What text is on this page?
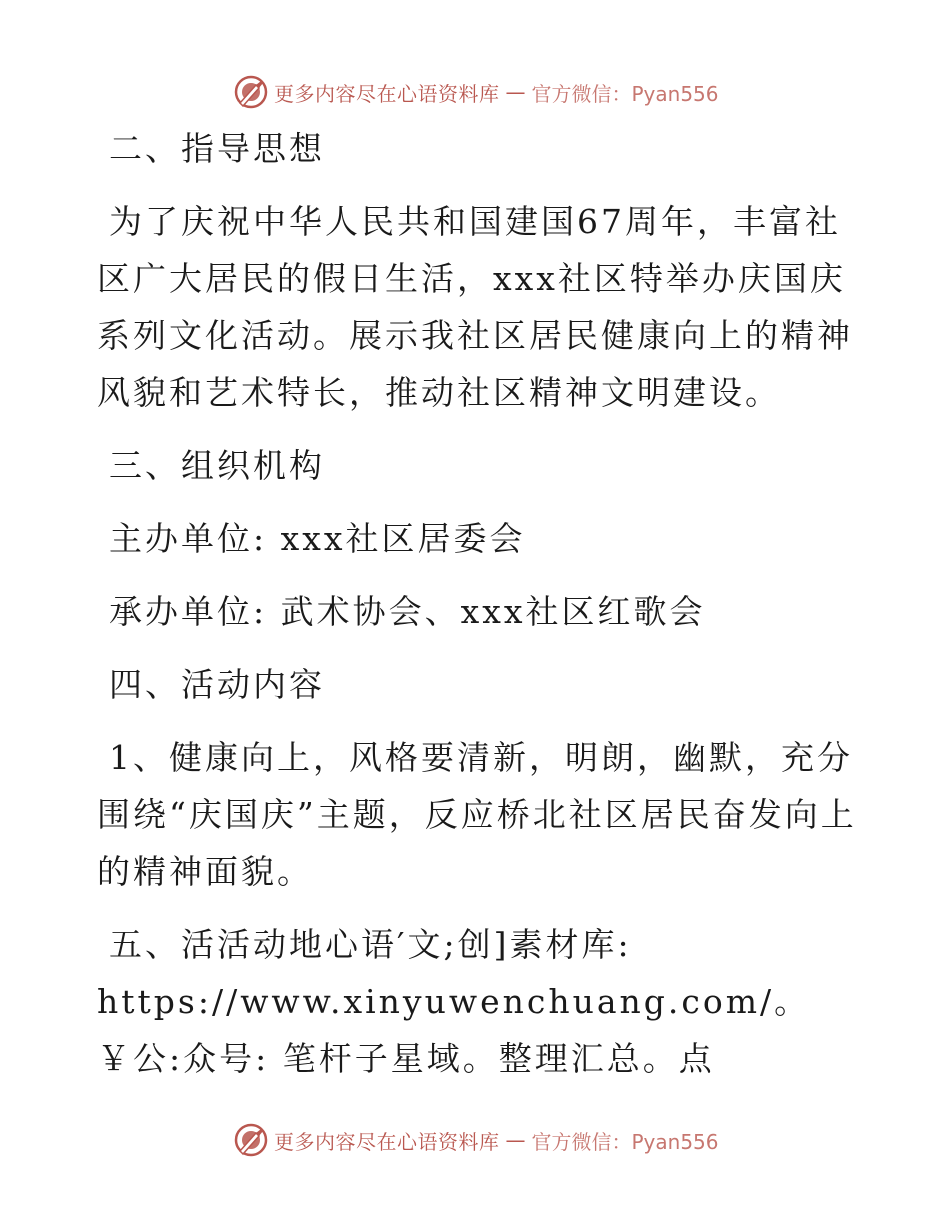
更多内容尽在心语资料库 — 官方微信：Pyan556

二、指导思想

为了庆祝中华人民共和国建国67周年，丰富社区广大居民的假日生活，xxx社区特举办庆国庆系列文化活动。展示我社区居民健康向上的精神风貌和艺术特长，推动社区精神文明建设。

三、组织机构

主办单位: xxx社区居委会

承办单位: 武术协会、xxx社区红歌会

四、活动内容

1、健康向上，风格要清新，明朗，幽默，充分围绕“庆国庆”主题，反应桥北社区居民奋发向上的精神面貌。

五、活活动地心语′文;创]素材库: https://www.xinyuwenchuang.com/。￥公:众号: 笔杆子星域。整理汇总。点

更多内容尽在心语资料库 — 官方微信：Pyan556
